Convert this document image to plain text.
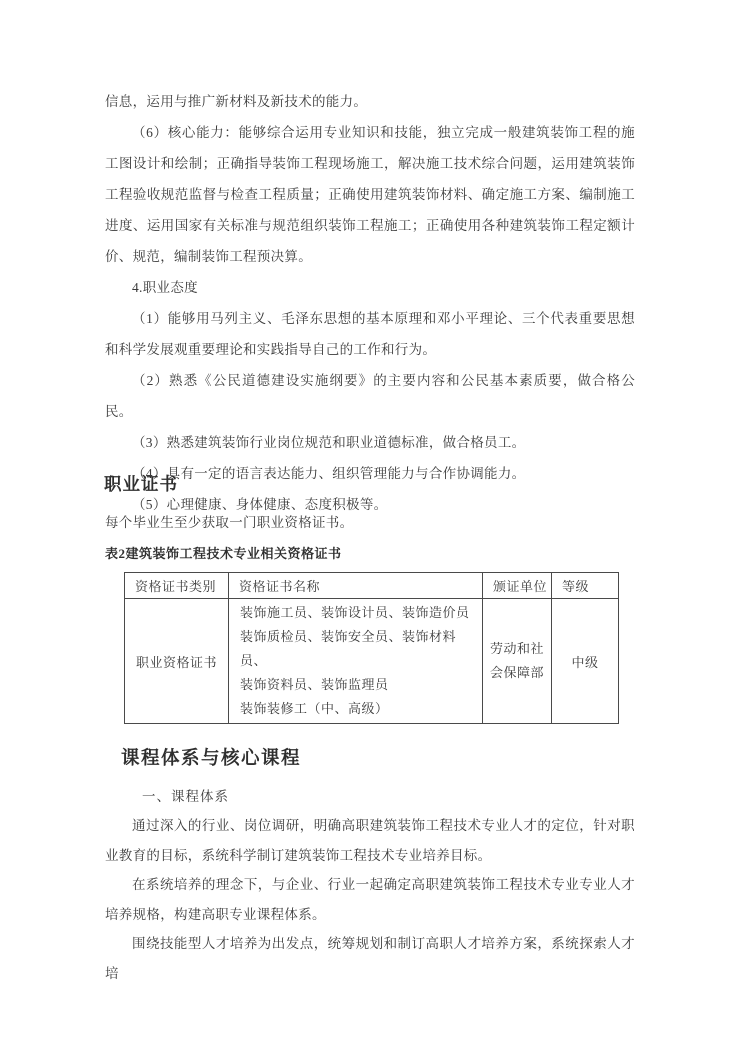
信息，运用与推广新材料及新技术的能力。

（6）核心能力：能够综合运用专业知识和技能，独立完成一般建筑装饰工程的施工图设计和绘制；正确指导装饰工程现场施工，解决施工技术综合问题，运用建筑装饰工程验收规范监督与检查工程质量；正确使用建筑装饰材料、确定施工方案、编制施工进度、运用国家有关标准与规范组织装饰工程施工；正确使用各种建筑装饰工程定额计价、规范，编制装饰工程预决算。

4.职业态度

（1）能够用马列主义、毛泽东思想的基本原理和邓小平理论、三个代表重要思想和科学发展观重要理论和实践指导自己的工作和行为。

（2）熟悉《公民道德建设实施纲要》的主要内容和公民基本素质要，做合格公民。

（3）熟悉建筑装饰行业岗位规范和职业道德标准，做合格员工。

（4）具有一定的语言表达能力、组织管理能力与合作协调能力。

（5）心理健康、身体健康、态度积极等。

职业证书

每个毕业生至少获取一门职业资格证书。

表2建筑装饰工程技术专业相关资格证书

资格证书类别	资格证书名称	颁证单位	等级
职业资格证书	装饰施工员、装饰设计员、装饰造价员
装饰质检员、装饰安全员、装饰材料员、
装饰资料员、装饰监理员
装饰装修工（中、高级）	劳动和社会保障部	中级
课程体系与核心课程

一、课程体系

通过深入的行业、岗位调研，明确高职建筑装饰工程技术专业人才的定位，针对职业教育的目标，系统科学制订建筑装饰工程技术专业培养目标。

在系统培养的理念下，与企业、行业一起确定高职建筑装饰工程技术专业专业人才培养规格，构建高职专业课程体系。

围绕技能型人才培养为出发点，统筹规划和制订高职人才培养方案，系统探索人才培
